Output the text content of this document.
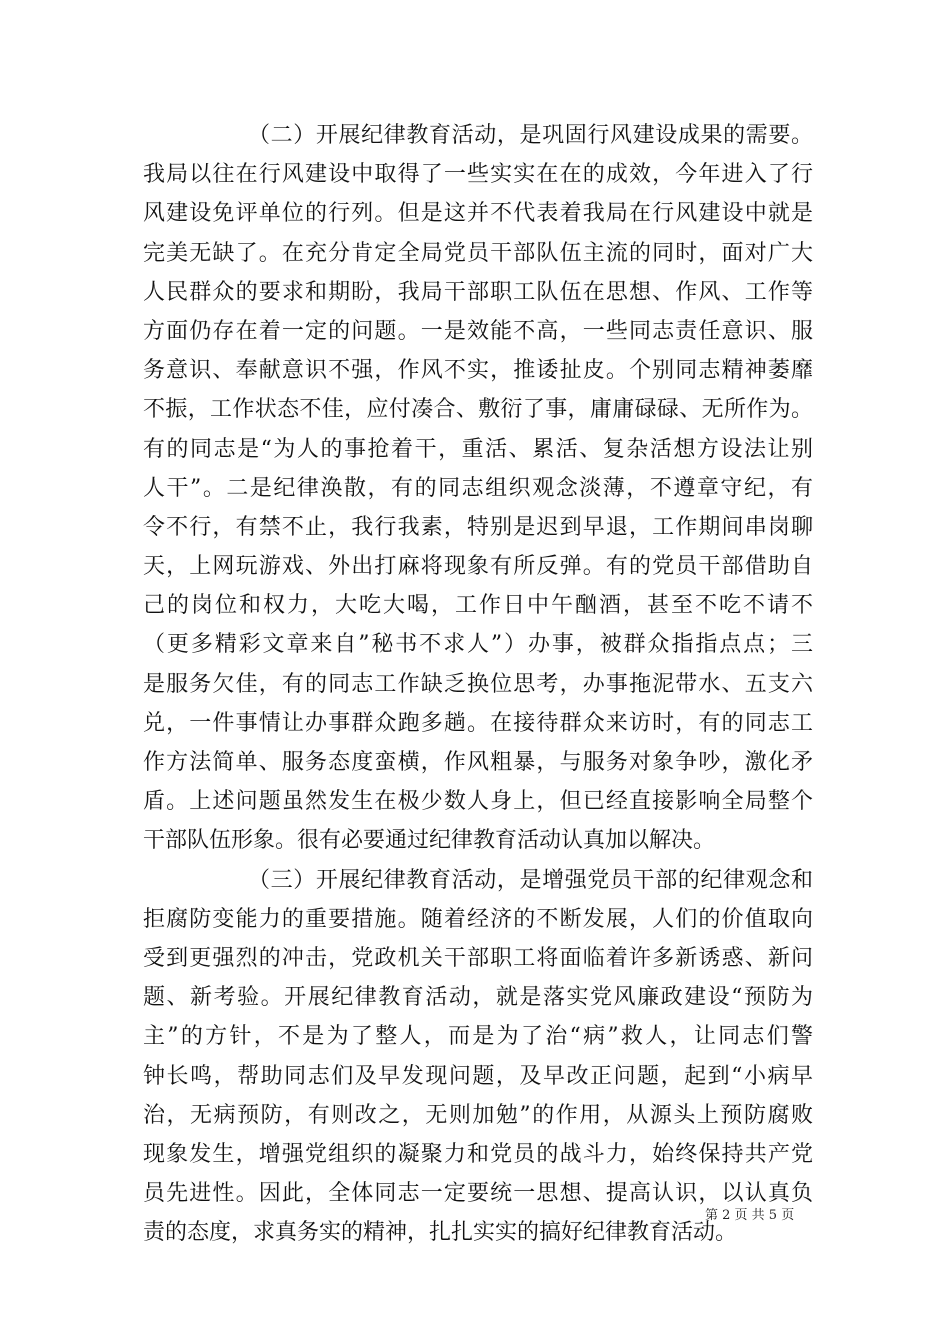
（二）开展纪律教育活动，是巩固行风建设成果的需要。
我局以往在行风建设中取得了一些实实在在的成效，今年进入了行
风建设免评单位的行列。但是这并不代表着我局在行风建设中就是
完美无缺了。在充分肯定全局党员干部队伍主流的同时，面对广大
人民群众的要求和期盼，我局干部职工队伍在思想、作风、工作等
方面仍存在着一定的问题。一是效能不高，一些同志责任意识、服
务意识、奉献意识不强，作风不实，推诿扯皮。个别同志精神萎靡
不振，工作状态不佳，应付凑合、敷衍了事，庸庸碌碌、无所作为。
有的同志是“为人的事抢着干，重活、累活、复杂活想方设法让别
人干”。二是纪律涣散，有的同志组织观念淡薄，不遵章守纪，有
令不行，有禁不止，我行我素，特别是迟到早退，工作期间串岗聊
天，上网玩游戏、外出打麻将现象有所反弹。有的党员干部借助自
己的岗位和权力，大吃大喝，工作日中午酗酒，甚至不吃不请不
（更多精彩文章来自”秘书不求人”）办事，被群众指指点点；三
是服务欠佳，有的同志工作缺乏换位思考，办事拖泥带水、五支六
兑，一件事情让办事群众跑多趟。在接待群众来访时，有的同志工
作方法简单、服务态度蛮横，作风粗暴，与服务对象争吵，激化矛
盾。上述问题虽然发生在极少数人身上，但已经直接影响全局整个
干部队伍形象。很有必要通过纪律教育活动认真加以解决。
（三）开展纪律教育活动，是增强党员干部的纪律观念和
拒腐防变能力的重要措施。随着经济的不断发展，人们的价值取向
受到更强烈的冲击，党政机关干部职工将面临着许多新诱惑、新问
题、新考验。开展纪律教育活动，就是落实党风廉政建设“预防为
主”的方针，不是为了整人，而是为了治“病”救人，让同志们警
钟长鸣，帮助同志们及早发现问题，及早改正问题，起到“小病早
治，无病预防，有则改之，无则加勉”的作用，从源头上预防腐败
现象发生，增强党组织的凝聚力和党员的战斗力，始终保持共产党
员先进性。因此，全体同志一定要统一思想、提高认识，以认真负
责的态度，求真务实的精神，扎扎实实的搞好纪律教育活动。
第 2 页 共 5 页
